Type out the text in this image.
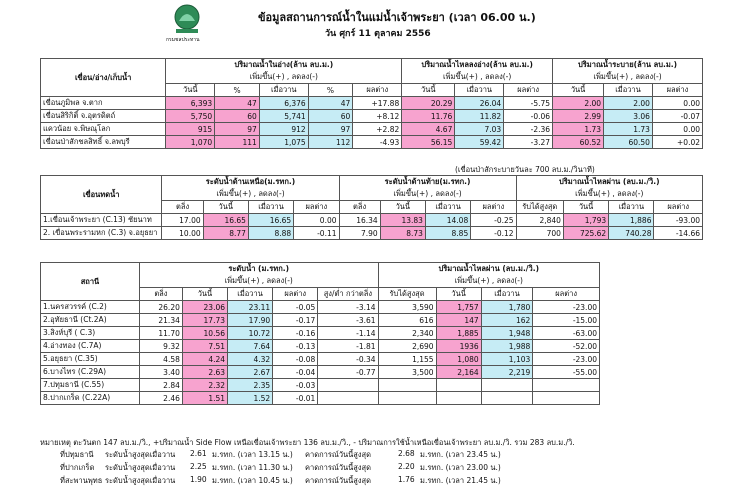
กรมชลประทาน
ข้อมูลสถานการณ์น้ำในแม่น้ำเจ้าพระยา (เวลา 06.00 น.)
วัน ศุกร์ 11 ตุลาคม 2556
เขื่อน/อ่าง/เก็บน้ำ	ปริมาณน้ำในอ่าง(ล้าน ลบ.ม.)					ปริมาณน้ำไหลลงอ่าง(ล้าน ลบ.ม.)			ปริมาณน้ำระบาย(ล้าน ลบ.ม.)		
	เพิ่มขึ้น(+) , ลดลง(-)					เพิ่มขึ้น(+) , ลดลง(-)			เพิ่มขึ้น(+) , ลดลง(-)		
	วันนี้	%	เมื่อวาน	%	ผลต่าง	วันนี้	เมื่อวาน	ผลต่าง	วันนี้	เมื่อวาน	ผลต่าง
เขื่อนภูมิพล จ.ตาก	6,393	47	6,376	47	+17.88	20.29	26.04	-5.75	2.00	2.00	0.00
เขื่อนสิริกิติ์ จ.อุตรดิตถ์	5,750	60	5,741	60	+8.12	11.76	11.82	-0.06	2.99	3.06	-0.07
แควน้อย จ.พิษณุโลก	915	97	912	97	+2.82	4.67	7.03	-2.36	1.73	1.73	0.00
เขื่อนป่าสักชลสิทธิ์ จ.ลพบุรี	1,070	111	1,075	112	-4.93	56.15	59.42	-3.27	60.52	60.50	+0.02
(เขื่อนป่าสักระบายวันละ 700 ลบ.ม./วินาที)
เขื่อนทดน้ำ	ระดับน้ำด้านเหนือ(ม.รทก.)				ระดับน้ำด้านท้าย(ม.รทก.)				ปริมาณน้ำไหลผ่าน (ลบ.ม./วิ.)			
	เพิ่มขึ้น(+) , ลดลง(-)				เพิ่มขึ้น(+) , ลดลง(-)				เพิ่มขึ้น(+) , ลดลง(-)			
	ตลิ่ง	วันนี้	เมื่อวาน	ผลต่าง	ตลิ่ง	วันนี้	เมื่อวาน	ผลต่าง	รับได้สูงสุด	วันนี้	เมื่อวาน	ผลต่าง
1.เขื่อนเจ้าพระยา (C.13) ชัยนาท	17.00	16.65	16.65	0.00	16.34	13.83	14.08	-0.25	2,840	1,793	1,886	-93.00
2. เขื่อนพระรามหก (C.3) จ.อยุธยา	10.00	8.77	8.88	-0.11	7.90	8.73	8.85	-0.12	700	725.62	740.28	-14.66
สถานี	ระดับน้ำ (ม.รทก.)					ปริมาณน้ำไหลผ่าน (ลบ.ม./วิ.)			
	เพิ่มขึ้น(+) , ลดลง(-)					เพิ่มขึ้น(+) , ลดลง(-)			
	ตลิ่ง	วันนี้	เมื่อวาน	ผลต่าง	สูง/ต่ำ กว่าตลิ่ง	รับได้สูงสุด	วันนี้	เมื่อวาน	ผลต่าง
1.นครสวรรค์ (C.2)	26.20	23.06	23.11	-0.05	-3.14	3,590	1,757	1,780	-23.00
2.อุทัยธานี (Ct.2A)	21.34	17.73	17.90	-0.17	-3.61	616	147	162	-15.00
3.สิงห์บุรี ( C.3)	11.70	10.56	10.72	-0.16	-1.14	2,340	1,885	1,948	-63.00
4.อ่างทอง (C.7A)	9.32	7.51	7.64	-0.13	-1.81	2,690	1936	1,988	-52.00
5.อยุธยา (C.35)	4.58	4.24	4.32	-0.08	-0.34	1,155	1,080	1,103	-23.00
6.บางไทร (C.29A)	3.40	2.63	2.67	-0.04	-0.77	3,500	2,164	2,219	-55.00
7.ปทุมธานี (C.55)	2.84	2.32	2.35	-0.03					
8.ปากเกร็ด (C.22A)	2.46	1.51	1.52	-0.01					
หมายเหตุ ตะวันตก 147 ลบ.ม./วิ., +ปริมาณน้ำ Side Flow เหนือเขื่อนเจ้าพระยา 136 ลบ.ม./วิ., - ปริมาณการใช้น้ำเหนือเขื่อนเจ้าพระยา ลบ.ม./วิ. รวม 283 ลบ.ม./วิ.
ที่ปทุมธานี ระดับน้ำสูงสุดเมื่อวาน 2.61 ม.รทก. (เวลา 13.15 น.) คาดการณ์วันนี้สูงสุด	2.68 ม.รทก. (เวลา 23.45 น.)
ที่ปากเกร็ด ระดับน้ำสูงสุดเมื่อวาน 2.25 ม.รทก. (เวลา 11.30 น.) คาดการณ์วันนี้สูงสุด	2.20 ม.รทก. (เวลา 23.00 น.)
ที่สะพานพุทธ ระดับน้ำสูงสุดเมื่อวาน 1.90 ม.รทก. (เวลา 10.45 น.) คาดการณ์วันนี้สูงสุด	1.76 ม.รทก. (เวลา 21.45 น.)
